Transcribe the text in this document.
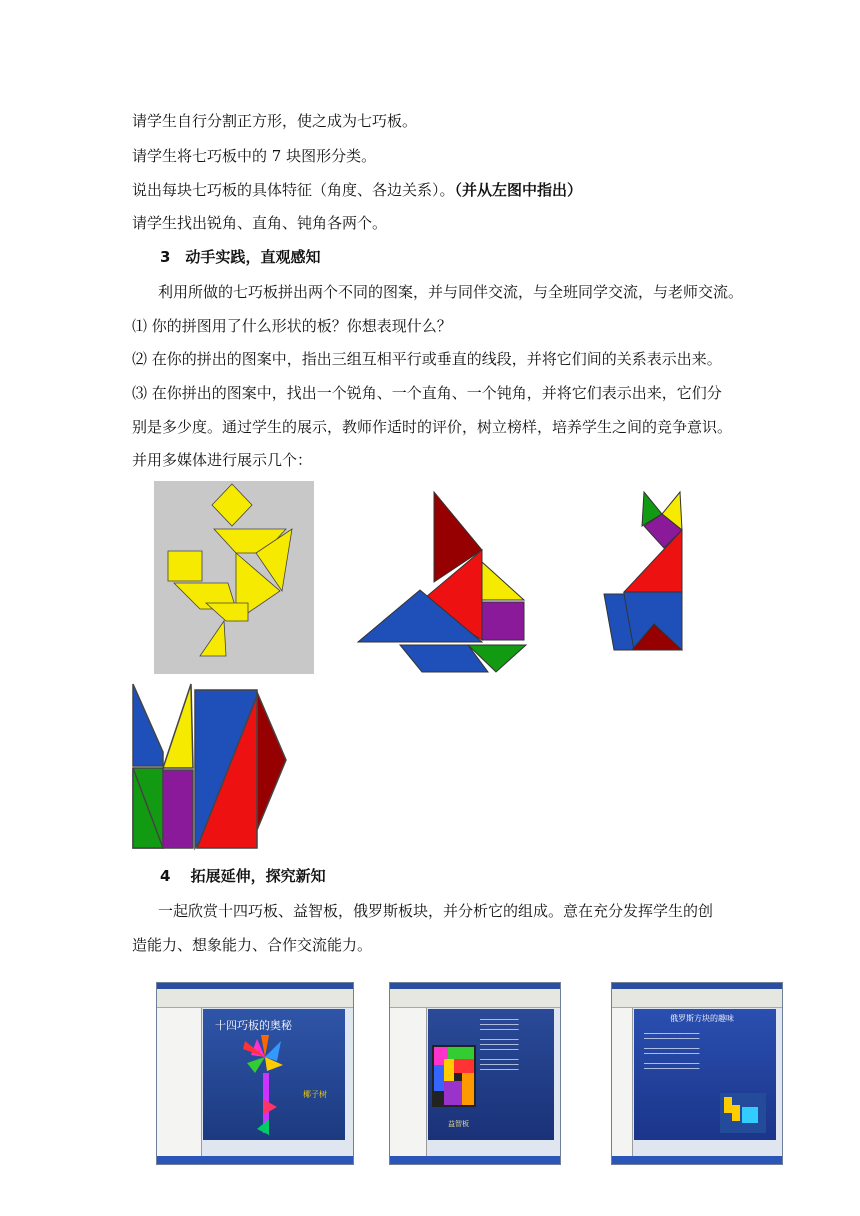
请学生自行分割正方形，使之成为七巧板。
请学生将七巧板中的 7 块图形分类。
说出每块七巧板的具体特征（角度、各边关系）。（并从左图中指出）
请学生找出锐角、直角、钝角各两个。
3　动手实践，直观感知
利用所做的七巧板拼出两个不同的图案，并与同伴交流，与全班同学交流，与老师交流。
⑴ 你的拼图用了什么形状的板？你想表现什么？
⑵ 在你的拼出的图案中，指出三组互相平行或垂直的线段，并将它们间的关系表示出来。
⑶ 在你拼出的图案中，找出一个锐角、一个直角、一个钝角，并将它们表示出来，它们分
别是多少度。通过学生的展示，教师作适时的评价，树立榜样，培养学生之间的竞争意识。
并用多媒体进行展示几个：
4　 拓展延伸，探究新知
一起欣赏十四巧板、益智板，俄罗斯板块，并分析它的组成。意在充分发挥学生的创
造能力、想象能力、合作交流能力。
十四巧板的奥秘
椰子树
━━━━━━━━━━━━━━━━
━━━━━━━━━━━━━━━━
━━━━━━━━━━━━━━━━

━━━━━━━━━━━━━━━━
━━━━━━━━━━━━━━━━
━━━━━━━━━━━━━━━━

━━━━━━━━━━━━━━━━
━━━━━━━━━━━━━━━━
━━━━━━━━━━━━━━━━
益智板
俄罗斯方块的趣味
━━━━━━━━━━━━━━━━━━━━━━━
━━━━━━━━━━━━━━━━━━━━━━━

━━━━━━━━━━━━━━━━━━━━━━━
━━━━━━━━━━━━━━━━━━━━━━━

━━━━━━━━━━━━━━━━━━━━━━━
━━━━━━━━━━━━━━━━━━━━━━━
